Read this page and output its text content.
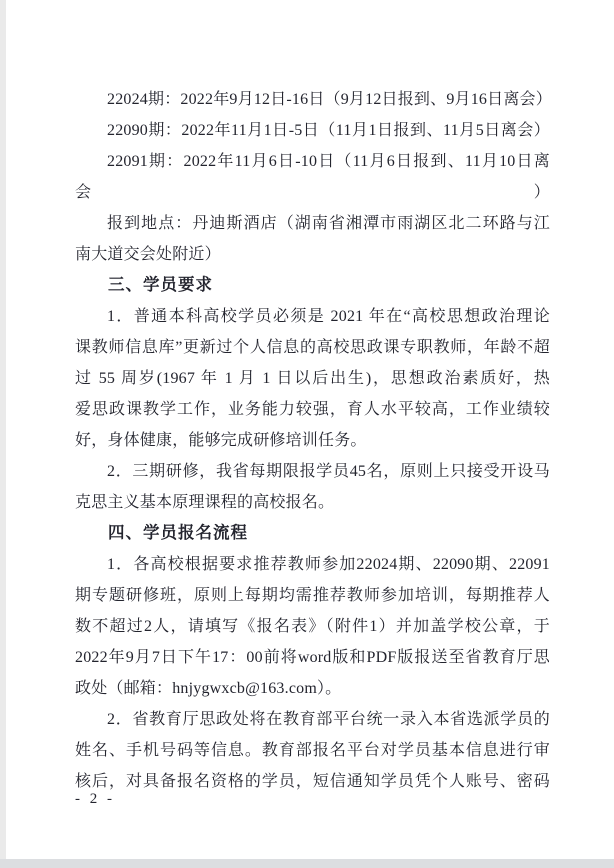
22024期：2022年9月12日-16日（9月12日报到、9月16日离会）
22090期：2022年11月1日-5日（11月1日报到、11月5日离会）
22091期：2022年11月6日-10日（11月6日报到、11月10日离会）
报到地点：丹迪斯酒店（湖南省湘潭市雨湖区北二环路与江
南大道交会处附近）
三、学员要求
1．普通本科高校学员必须是 2021 年在“高校思想政治理论
课教师信息库”更新过个人信息的高校思政课专职教师，年龄不超
过 55 周岁(1967 年 1 月 1 日以后出生)，思想政治素质好，热
爱思政课教学工作，业务能力较强，育人水平较高，工作业绩较
好，身体健康，能够完成研修培训任务。
2．三期研修，我省每期限报学员45名，原则上只接受开设马
克思主义基本原理课程的高校报名。
四、学员报名流程
1．各高校根据要求推荐教师参加22024期、22090期、22091
期专题研修班，原则上每期均需推荐教师参加培训，每期推荐人
数不超过2人，请填写《报名表》（附件1）并加盖学校公章，于
2022年9月7日下午17：00前将word版和PDF版报送至省教育厅思
政处（邮箱：hnjygwxcb@163.com）。
2．省教育厅思政处将在教育部平台统一录入本省选派学员的
姓名、手机号码等信息。教育部报名平台对学员基本信息进行审
核后，对具备报名资格的学员，短信通知学员凭个人账号、密码
- 2 -
